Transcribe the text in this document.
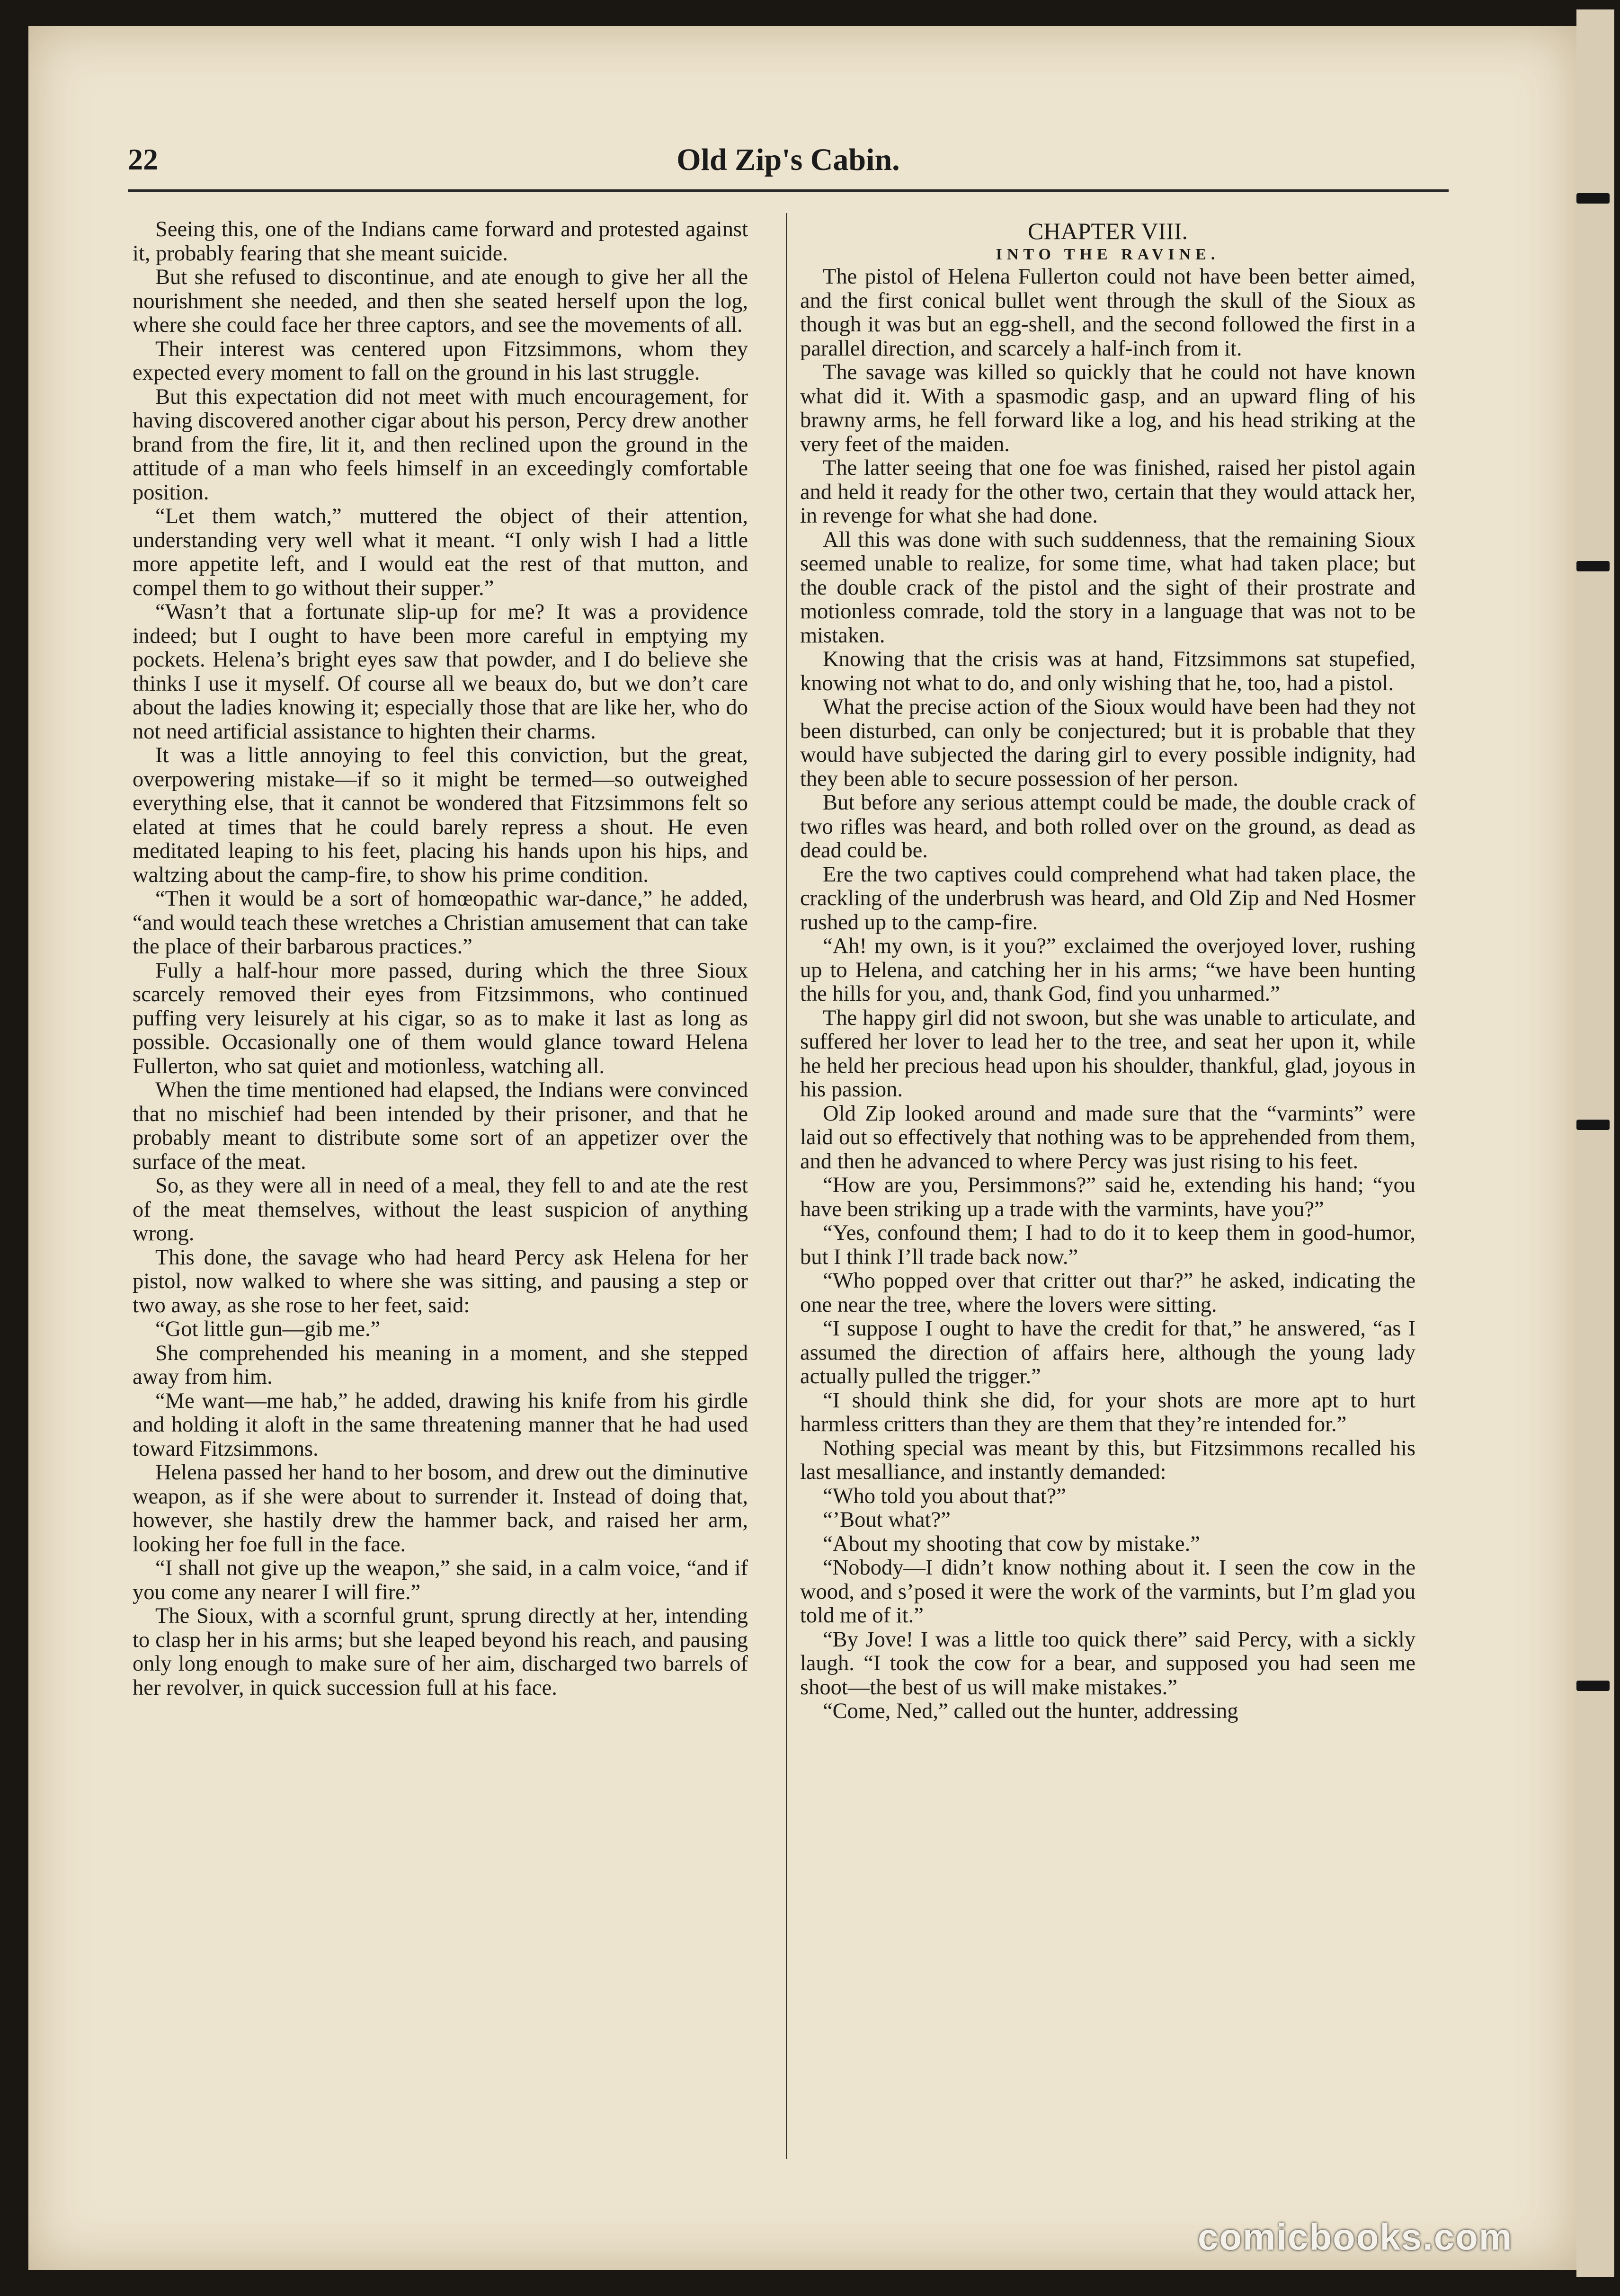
22	Old Zip's Cabin.

Seeing this, one of the Indians came forward and protested against it, probably fearing that she meant suicide.

But she refused to discontinue, and ate enough to give her all the nourishment she needed, and then she seated herself upon the log, where she could face her three captors, and see the movements of all.

Their interest was centered upon Fitzsimmons, whom they expected every moment to fall on the ground in his last struggle.

But this expectation did not meet with much encouragement, for having discovered another cigar about his person, Percy drew another brand from the fire, lit it, and then reclined upon the ground in the attitude of a man who feels himself in an exceedingly comfortable position.

“Let them watch,” muttered the object of their attention, understanding very well what it meant. “I only wish I had a little more appetite left, and I would eat the rest of that mutton, and compel them to go without their supper.”

“Wasn’t that a fortunate slip-up for me? It was a providence indeed; but I ought to have been more careful in emptying my pockets. Helena’s bright eyes saw that powder, and I do believe she thinks I use it myself. Of course all we beaux do, but we don’t care about the ladies knowing it; especially those that are like her, who do not need artificial assistance to highten their charms.

It was a little annoying to feel this conviction, but the great, overpowering mistake—if so it might be termed—so outweighed everything else, that it cannot be wondered that Fitzsimmons felt so elated at times that he could barely repress a shout. He even meditated leaping to his feet, placing his hands upon his hips, and waltzing about the camp-fire, to show his prime condition.

“Then it would be a sort of homœopathic war-dance,” he added, “and would teach these wretches a Christian amusement that can take the place of their barbarous practices.”

Fully a half-hour more passed, during which the three Sioux scarcely removed their eyes from Fitzsimmons, who continued puffing very leisurely at his cigar, so as to make it last as long as possible. Occasionally one of them would glance toward Helena Fullerton, who sat quiet and motionless, watching all.

When the time mentioned had elapsed, the Indians were convinced that no mischief had been intended by their prisoner, and that he probably meant to distribute some sort of an appetizer over the surface of the meat.

So, as they were all in need of a meal, they fell to and ate the rest of the meat themselves, without the least suspicion of anything wrong.

This done, the savage who had heard Percy ask Helena for her pistol, now walked to where she was sitting, and pausing a step or two away, as she rose to her feet, said:

“Got little gun—gib me.”

She comprehended his meaning in a moment, and she stepped away from him.

“Me want—me hab,” he added, drawing his knife from his girdle and holding it aloft in the same threatening manner that he had used toward Fitzsimmons.

Helena passed her hand to her bosom, and drew out the diminutive weapon, as if she were about to surrender it. Instead of doing that, however, she hastily drew the hammer back, and raised her arm, looking her foe full in the face.

“I shall not give up the weapon,” she said, in a calm voice, “and if you come any nearer I will fire.”

The Sioux, with a scornful grunt, sprung directly at her, intending to clasp her in his arms; but she leaped beyond his reach, and pausing only long enough to make sure of her aim, discharged two barrels of her revolver, in quick succession full at his face.

CHAPTER VIII.
INTO THE RAVINE.

The pistol of Helena Fullerton could not have been better aimed, and the first conical bullet went through the skull of the Sioux as though it was but an egg-shell, and the second followed the first in a parallel direction, and scarcely a half-inch from it.

The savage was killed so quickly that he could not have known what did it. With a spasmodic gasp, and an upward fling of his brawny arms, he fell forward like a log, and his head striking at the very feet of the maiden.

The latter seeing that one foe was finished, raised her pistol again and held it ready for the other two, certain that they would attack her, in revenge for what she had done.

All this was done with such suddenness, that the remaining Sioux seemed unable to realize, for some time, what had taken place; but the double crack of the pistol and the sight of their prostrate and motionless comrade, told the story in a language that was not to be mistaken.

Knowing that the crisis was at hand, Fitzsimmons sat stupefied, knowing not what to do, and only wishing that he, too, had a pistol.

What the precise action of the Sioux would have been had they not been disturbed, can only be conjectured; but it is probable that they would have subjected the daring girl to every possible indignity, had they been able to secure possession of her person.

But before any serious attempt could be made, the double crack of two rifles was heard, and both rolled over on the ground, as dead as dead could be.

Ere the two captives could comprehend what had taken place, the crackling of the underbrush was heard, and Old Zip and Ned Hosmer rushed up to the camp-fire.

“Ah! my own, is it you?” exclaimed the overjoyed lover, rushing up to Helena, and catching her in his arms; “we have been hunting the hills for you, and, thank God, find you unharmed.”

The happy girl did not swoon, but she was unable to articulate, and suffered her lover to lead her to the tree, and seat her upon it, while he held her precious head upon his shoulder, thankful, glad, joyous in his passion.

Old Zip looked around and made sure that the “varmints” were laid out so effectively that nothing was to be apprehended from them, and then he advanced to where Percy was just rising to his feet.

“How are you, Persimmons?” said he, extending his hand; “you have been striking up a trade with the varmints, have you?”

“Yes, confound them; I had to do it to keep them in good-humor, but I think I’ll trade back now.”

“Who popped over that critter out thar?” he asked, indicating the one near the tree, where the lovers were sitting.

“I suppose I ought to have the credit for that,” he answered, “as I assumed the direction of affairs here, although the young lady actually pulled the trigger.”

“I should think she did, for your shots are more apt to hurt harmless critters than they are them that they’re intended for.”

Nothing special was meant by this, but Fitzsimmons recalled his last mesalliance, and instantly demanded:

“Who told you about that?”

“’Bout what?”

“About my shooting that cow by mistake.”

“Nobody—I didn’t know nothing about it. I seen the cow in the wood, and s’posed it were the work of the varmints, but I’m glad you told me of it.”

“By Jove! I was a little too quick there” said Percy, with a sickly laugh. “I took the cow for a bear, and supposed you had seen me shoot—the best of us will make mistakes.”

“Come, Ned,” called out the hunter, addressing

comicbooks.com
